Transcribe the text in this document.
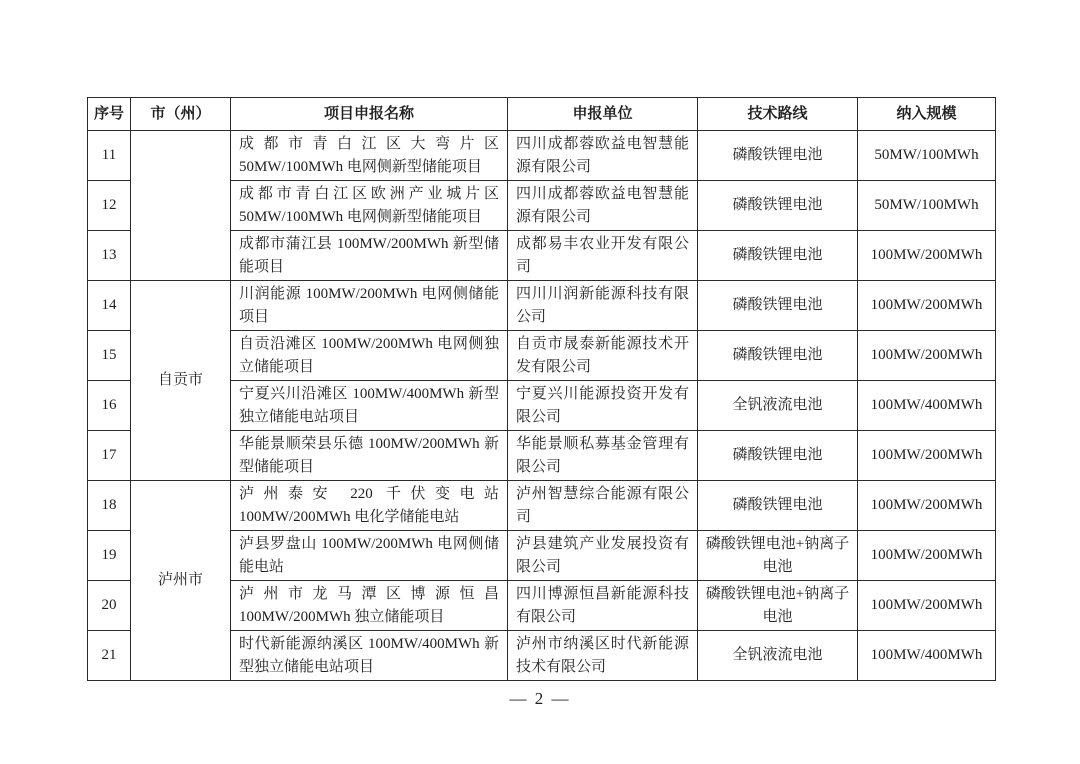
序号	市（州）	项目申报名称	申报单位	技术路线	纳入规模
11		成都市青白江区大弯片区 50MW/100MWh 电网侧新型储能项目	四川成都蓉欧益电智慧能源有限公司	磷酸铁锂电池	50MW/100MWh
12		成都市青白江区欧洲产业城片区 50MW/100MWh 电网侧新型储能项目	四川成都蓉欧益电智慧能源有限公司	磷酸铁锂电池	50MW/100MWh
13		成都市蒲江县 100MW/200MWh 新型储能项目	成都易丰农业开发有限公司	磷酸铁锂电池	100MW/200MWh
14	自贡市	川润能源 100MW/200MWh 电网侧储能项目	四川川润新能源科技有限公司	磷酸铁锂电池	100MW/200MWh
15		自贡沿滩区 100MW/200MWh 电网侧独立储能项目	自贡市晟泰新能源技术开发有限公司	磷酸铁锂电池	100MW/200MWh
16		宁夏兴川沿滩区 100MW/400MWh 新型独立储能电站项目	宁夏兴川能源投资开发有限公司	全钒液流电池	100MW/400MWh
17		华能景顺荣县乐德 100MW/200MWh 新型储能项目	华能景顺私募基金管理有限公司	磷酸铁锂电池	100MW/200MWh
18	泸州市	泸州泰安 220 千伏变电站 100MW/200MWh 电化学储能电站	泸州智慧综合能源有限公司	磷酸铁锂电池	100MW/200MWh
19		泸县罗盘山 100MW/200MWh 电网侧储能电站	泸县建筑产业发展投资有限公司	磷酸铁锂电池+钠离子电池	100MW/200MWh
20		泸州市龙马潭区博源恒昌 100MW/200MWh 独立储能项目	四川博源恒昌新能源科技有限公司	磷酸铁锂电池+钠离子电池	100MW/200MWh
21		时代新能源纳溪区 100MW/400MWh 新型独立储能电站项目	泸州市纳溪区时代新能源技术有限公司	全钒液流电池	100MW/400MWh
— 2 —
